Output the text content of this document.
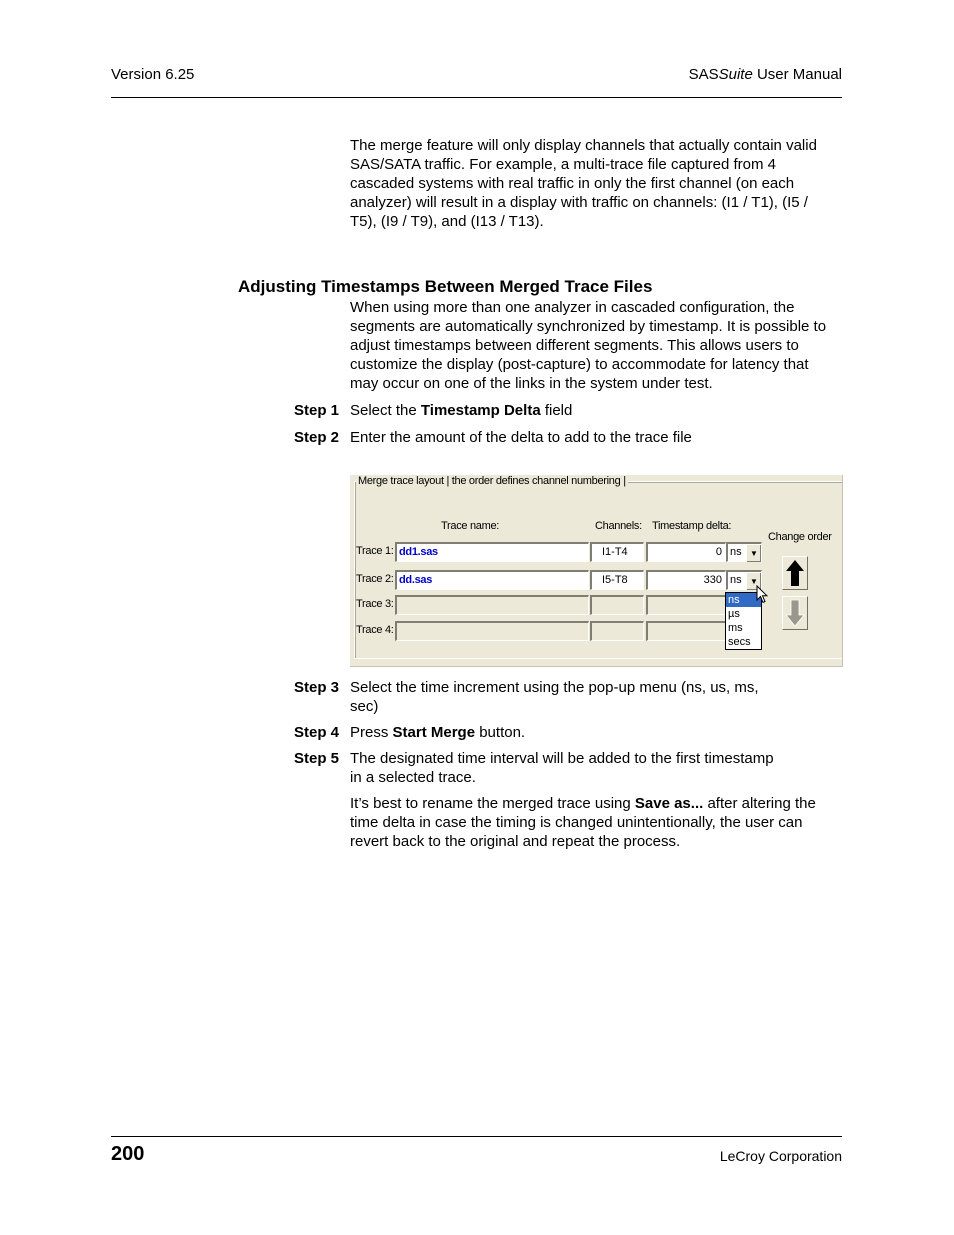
Version 6.25	SASSuite User Manual
The merge feature will only display channels that actually contain valid
SAS/SATA traffic. For example, a multi-trace file captured from 4
cascaded systems with real traffic in only the first channel (on each
analyzer) will result in a display with traffic on channels: (I1 / T1), (I5 /
T5), (I9 / T9), and (I13 / T13).
Adjusting Timestamps Between Merged Trace Files
When using more than one analyzer in cascaded configuration, the
segments are automatically synchronized by timestamp. It is possible to
adjust timestamps between different segments. This allows users to
customize the display (post-capture) to accommodate for latency that
may occur on one of the links in the system under test.
Step 1 Select the Timestamp Delta field
Step 2 Enter the amount of the delta to add to the trace file
Merge trace layout | the order defines channel numbering |
Trace name:	Channels: Timestamp delta:
Change order
Trace 1: dd1.sas	I1-T4	0 ns	▼
Trace 2: dd.sas	I5-T8	330 ns	▼
Trace 3:
Trace 4:
ns
µs
ms
secs
Step 3 Select the time increment using the pop-up menu (ns, us, ms,
sec)
Step 4 Press Start Merge button.
Step 5 The designated time interval will be added to the first timestamp
in a selected trace.
It’s best to rename the merged trace using Save as... after altering the
time delta in case the timing is changed unintentionally, the user can
revert back to the original and repeat the process.
200	LeCroy Corporation
